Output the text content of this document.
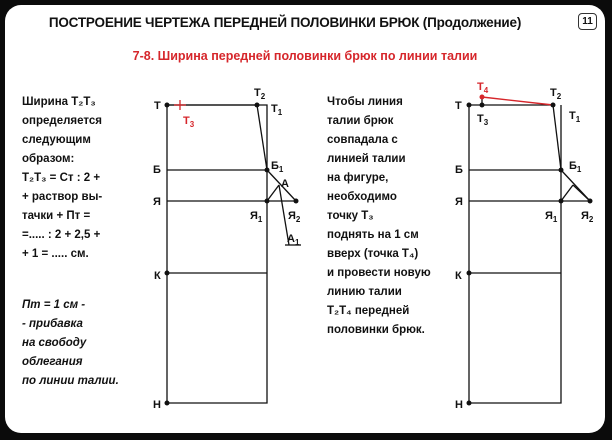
ПОСТРОЕНИЕ ЧЕРТЕЖА ПЕРЕДНЕЙ ПОЛОВИНКИ БРЮК (Продолжение)	11
7-8. Ширина передней половинки брюк по линии талии
Ширина T₂T₃
определяется
следующим
образом:
T₂T₃ = Ст : 2 +
+ раствор вы-
тачки + Пт =
=..... : 2 + 2,5 +
+ 1 = ..... см.
Пт = 1 см -
- прибавка
на свободу
облегания
по линии талии.
Чтобы линия
талии брюк
совпадала с
линией талии
на фигуре,
необходимо
точку T₃
поднять на 1 см
вверх (точка T₄)
и провести новую
линию талии
T₂T₄ передней
половинки брюк.
Т
$Т_2$
$Т_1$
$Т_3$
Б	$Б_1$
А
Я
$Я_1$ $Я_2$
$А_1$
К
Н
$Т_4$
Т
$Т_3$
$Т_2$
$Т_1$
Б	$Б_1$
Я
$Я_1$ $Я_2$
К
Н
